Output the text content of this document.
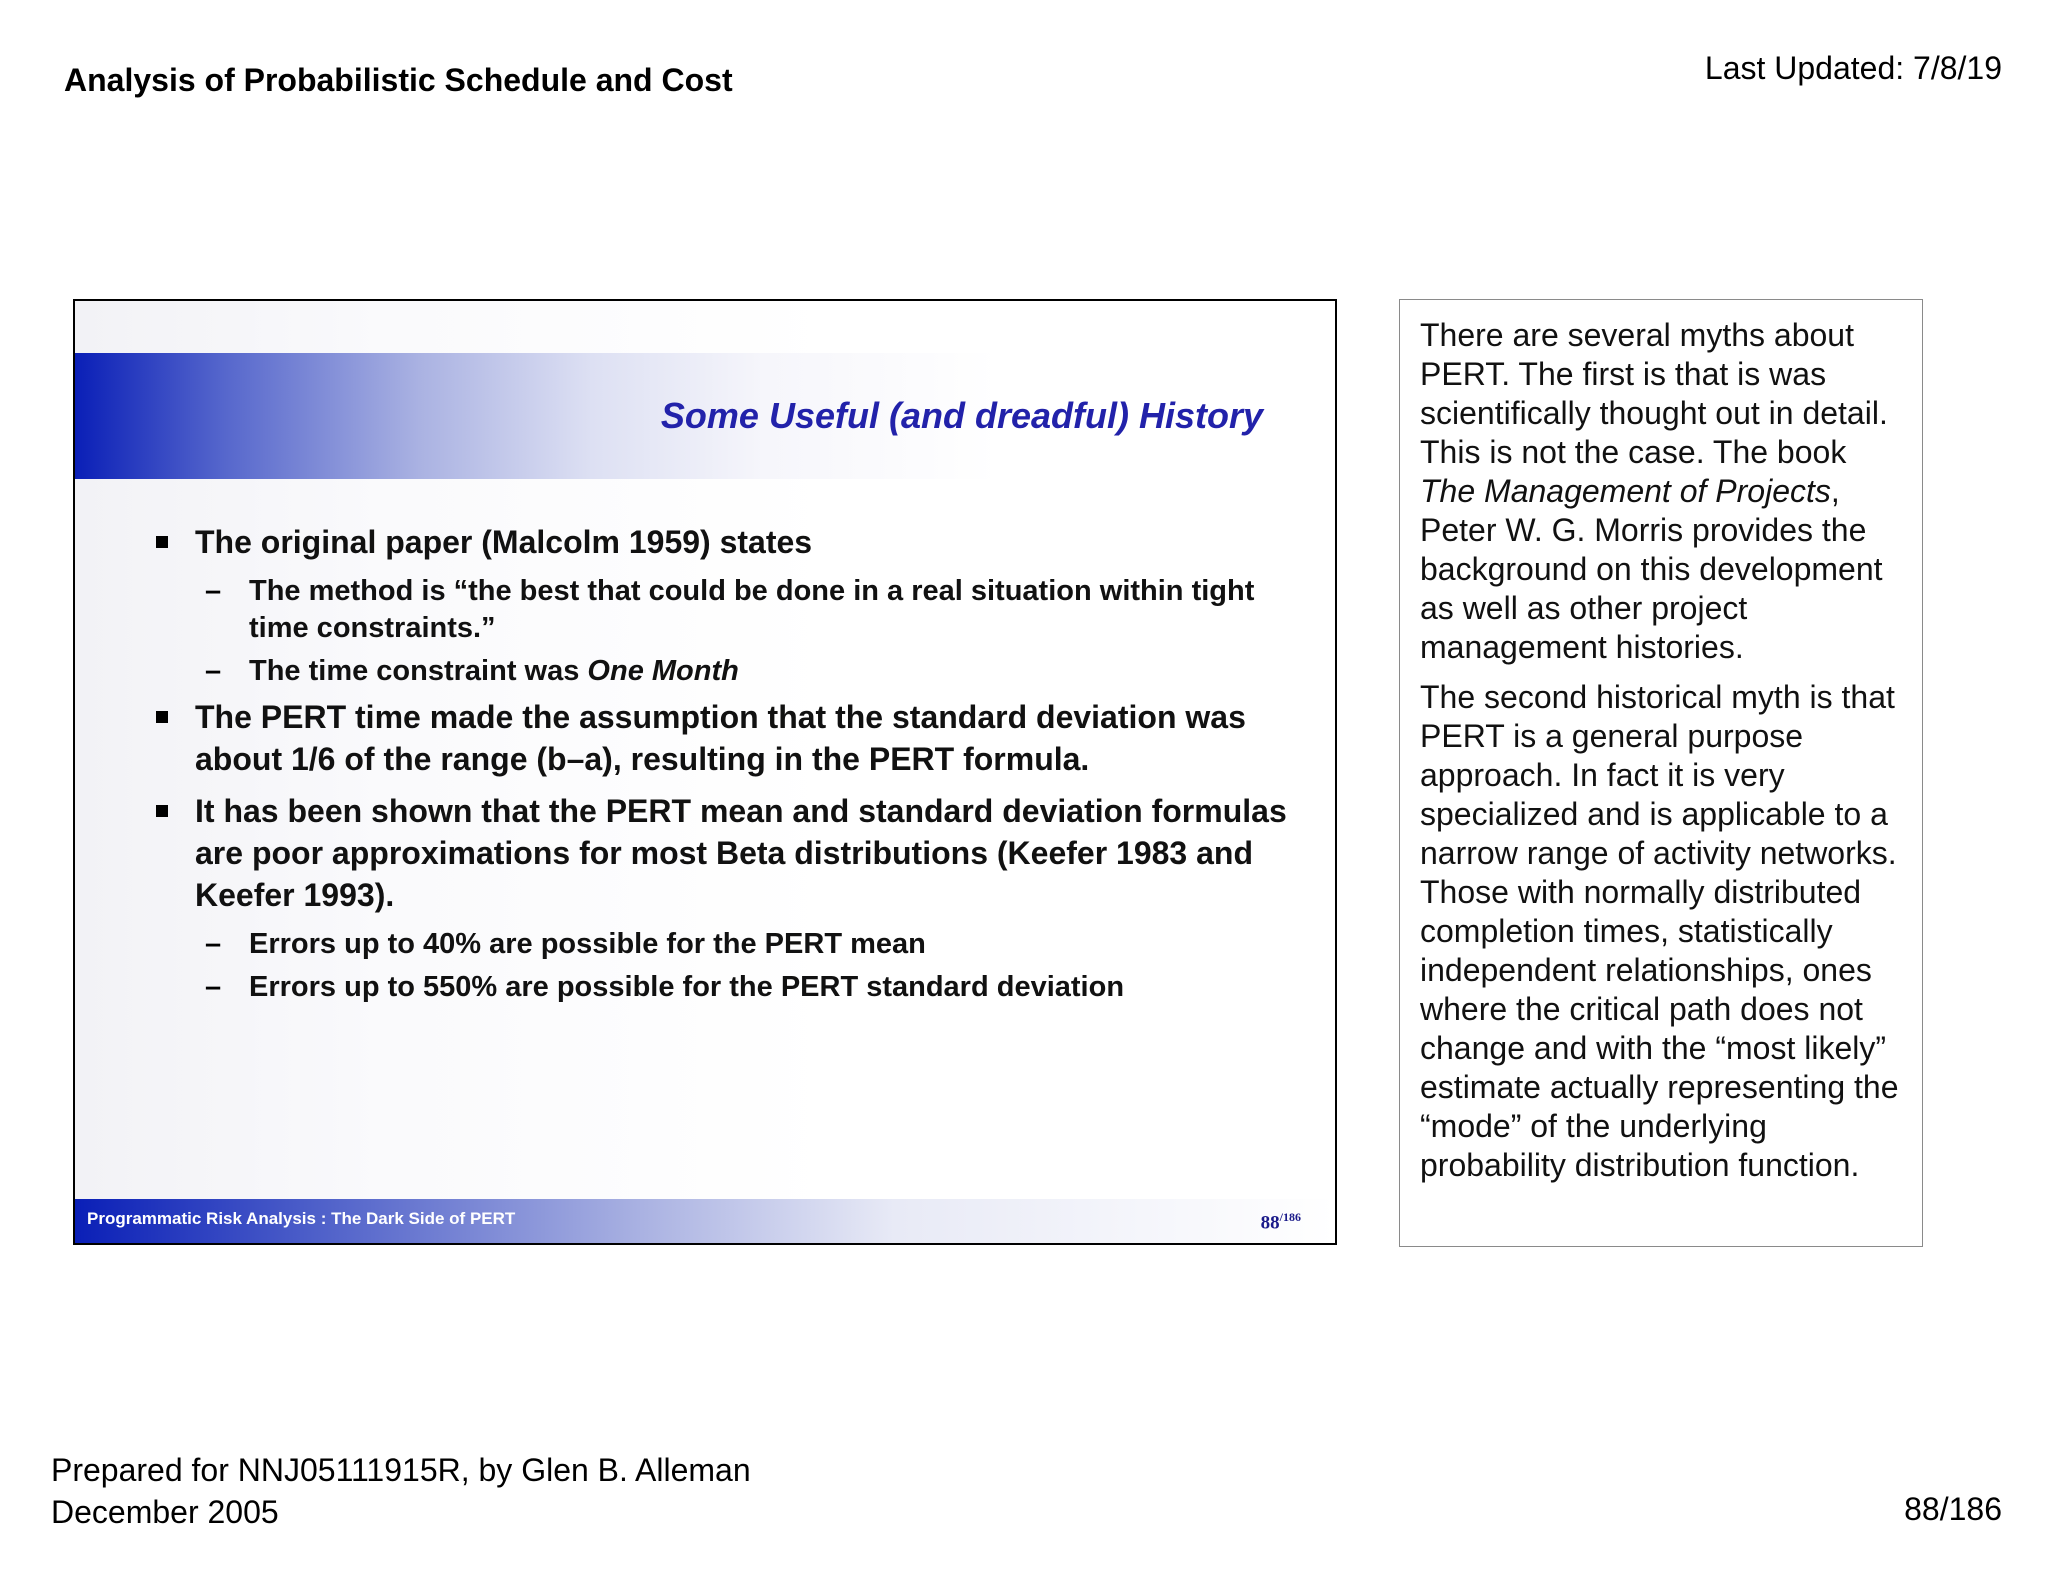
Analysis of Probabilistic Schedule and Cost	Last Updated: 7/8/19
Some Useful (and dreadful) History
The original paper (Malcolm 1959) states
– The method is “the best that could be done in a real situation within tight time constraints.”
– The time constraint was One Month
The PERT time made the assumption that the standard deviation was about 1/6 of the range (b–a), resulting in the PERT formula.
It has been shown that the PERT mean and standard deviation formulas are poor approximations for most Beta distributions (Keefer 1983 and Keefer 1993).
– Errors up to 40% are possible for the PERT mean
– Errors up to 550% are possible for the PERT standard deviation
Programmatic Risk Analysis : The Dark Side of PERT	$88^{/186}$

There are several myths about PERT. The first is that is was scientifically thought out in detail. This is not the case. The book The Management of Projects, Peter W. G. Morris provides the background on this development as well as other project management histories.

The second historical myth is that PERT is a general purpose approach. In fact it is very specialized and is applicable to a narrow range of activity networks. Those with normally distributed completion times, statistically independent relationships, ones where the critical path does not change and with the “most likely” estimate actually representing the “mode” of the underlying probability distribution function.

Prepared for NNJ05111915R, by Glen B. Alleman
December 2005	88/186
